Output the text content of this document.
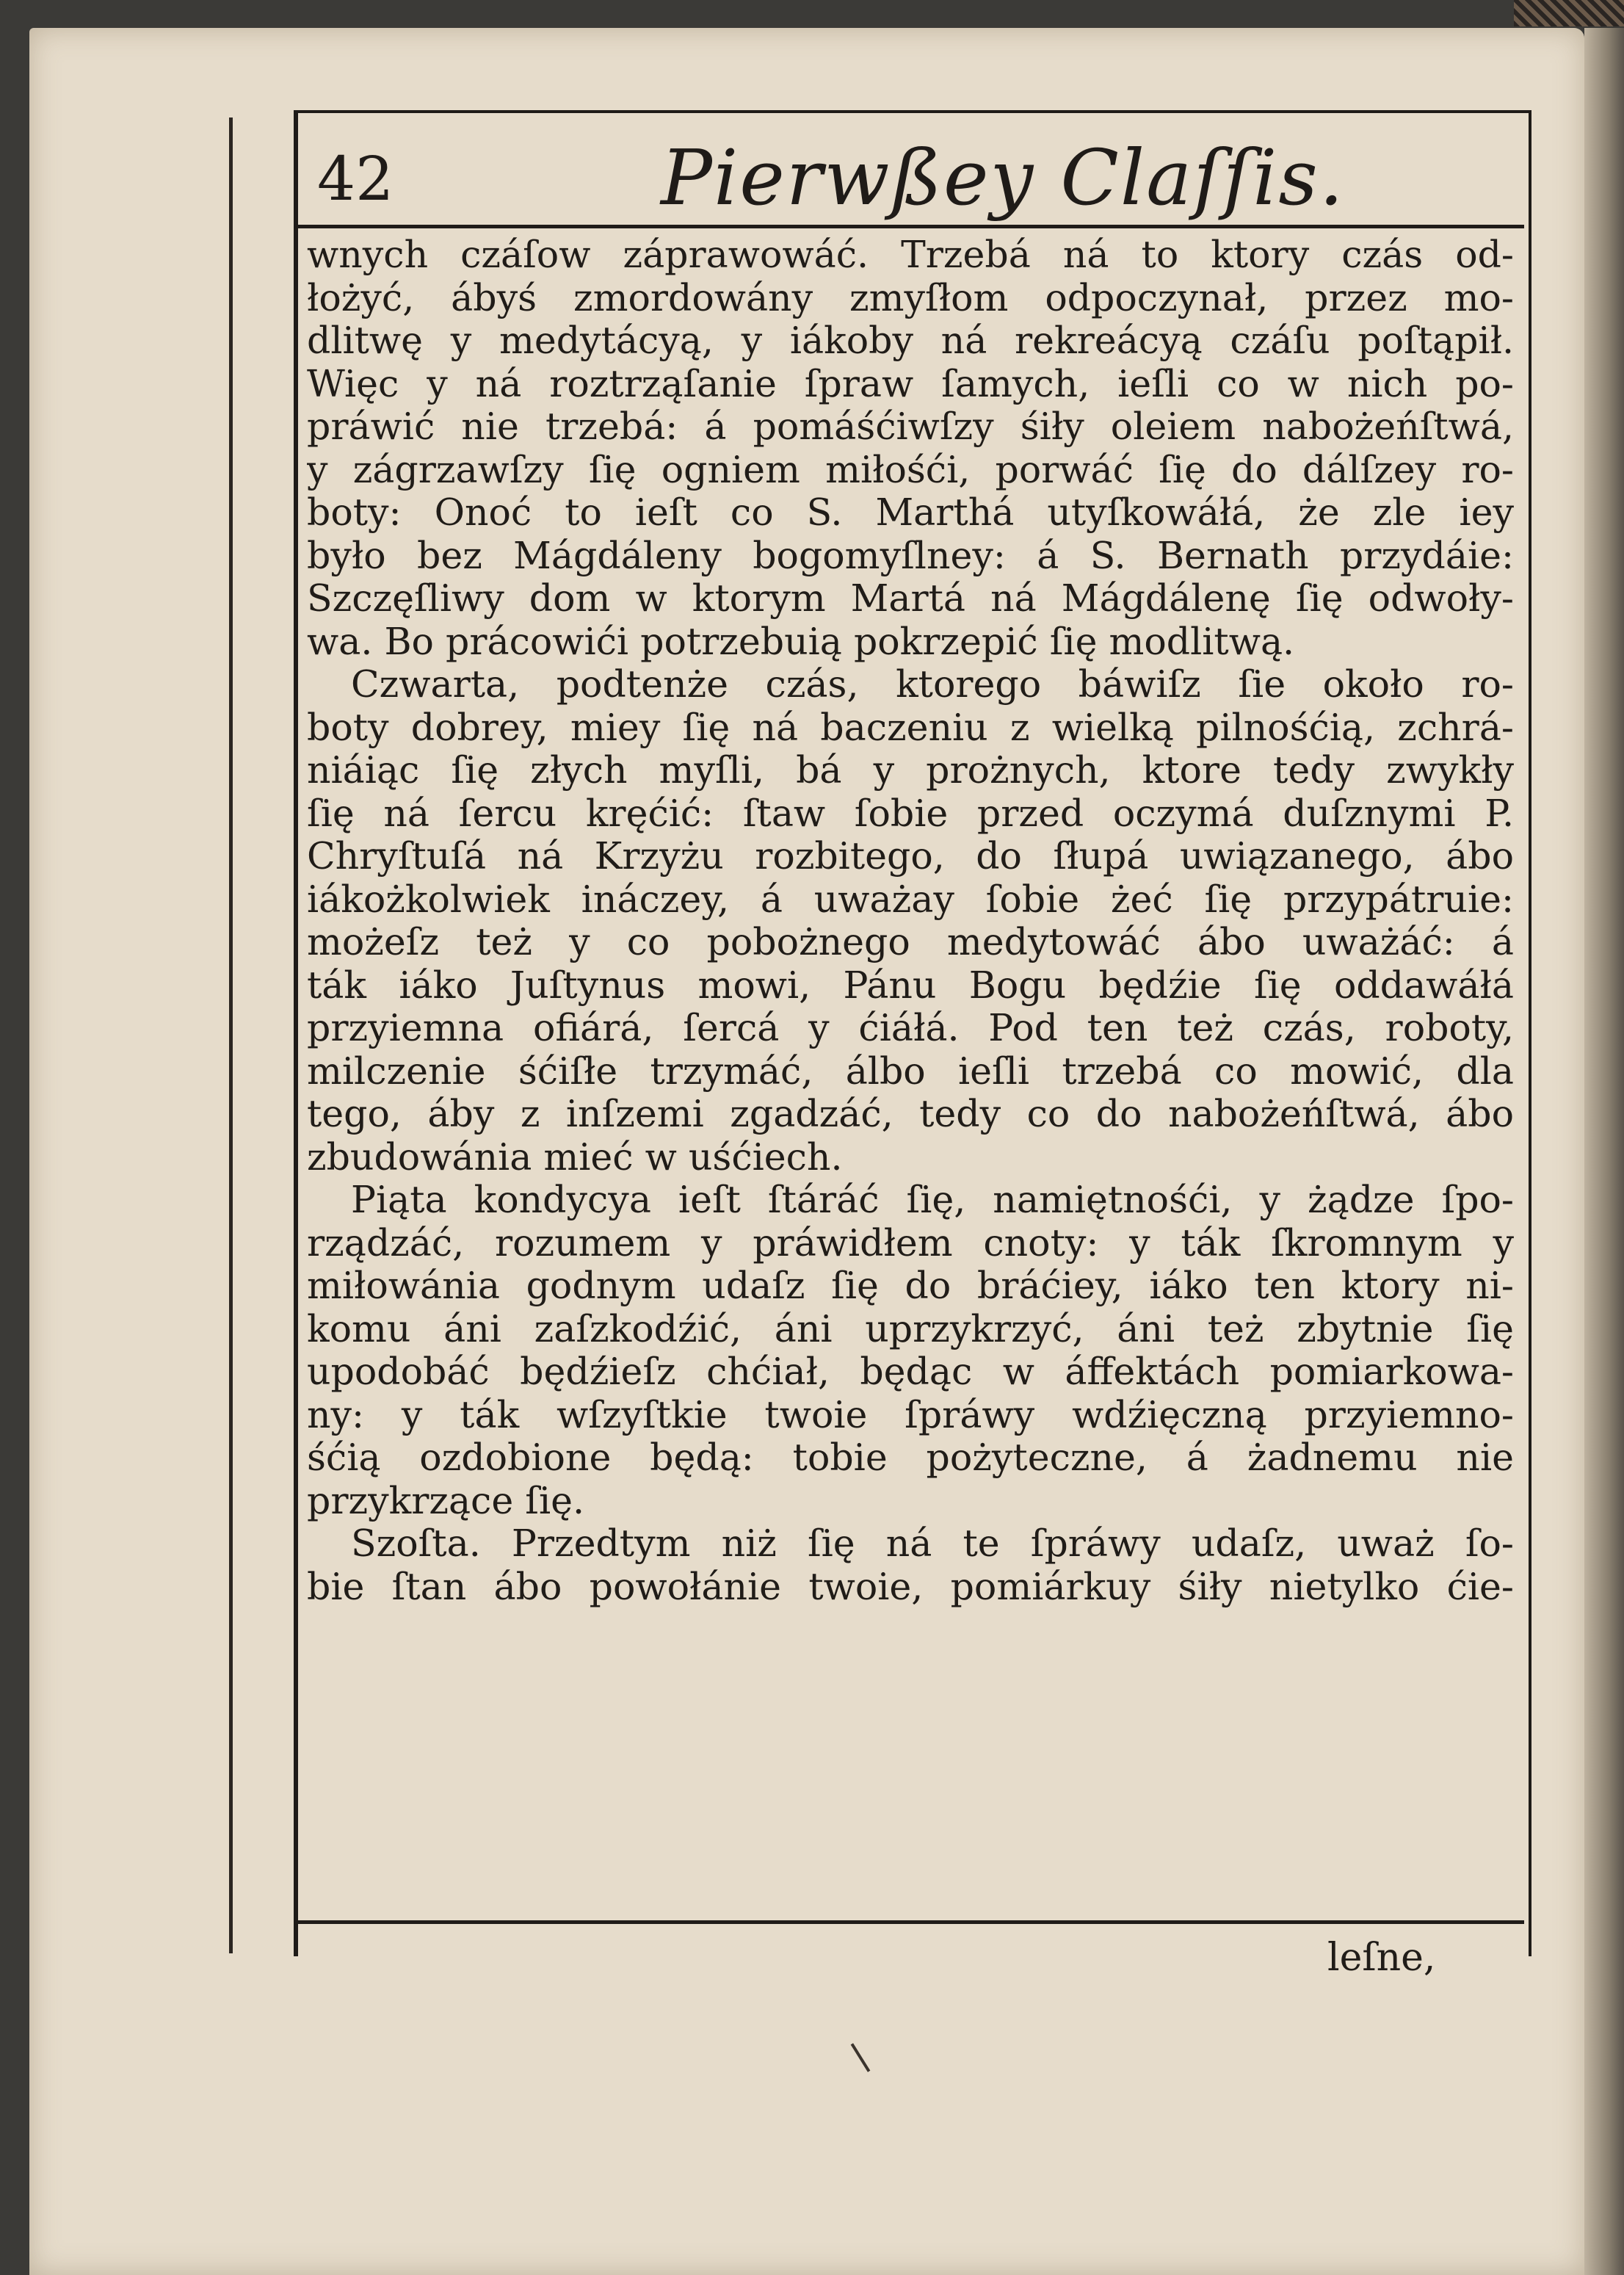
42	Pierwßey Claſſis.
wnych czáſow záprawowáć. Trzebá ná to ktory czás od-
łożyć, ábyś zmordowány zmyſłom odpoczynał, przez mo-
dlitwę y medytácyą, y iákoby ná rekreácyą czáſu poſtąpił.
Więc y ná roztrząſanie ſpraw ſamych, ieſli co w nich po-
práwić nie trzebá: á pomáśćiwſzy śiły oleiem nabożeńſtwá,
y zágrzawſzy ſię ogniem miłośći, porwáć ſię do dálſzey ro-
boty: Onoć to ieſt co S. Marthá utyſkowáłá, że zle iey
było bez Mágdáleny bogomyſlney: á S. Bernath przydáie:
Szczęſliwy dom w ktorym Martá ná Mágdálenę ſię odwoły-
wa. Bo prácowići potrzebuią pokrzepić ſię modlitwą.
Czwarta, podtenże czás, ktorego báwiſz ſie około ro-
boty dobrey, miey ſię ná baczeniu z wielką pilnośćią, zchrá-
niáiąc ſię złych myſli, bá y prożnych, ktore tedy zwykły
ſię ná ſercu kręćić: ſtaw ſobie przed oczymá duſznymi P.
Chryſtuſá ná Krzyżu rozbitego, do ſłupá uwiązanego, ábo
iákożkolwiek ináczey, á uważay ſobie żeć ſię przypátruie:
możeſz też y co pobożnego medytowáć ábo uważáć: á
ták iáko Juſtynus mowi, Pánu Bogu będźie ſię oddawáłá
przyiemna ofiárá, ſercá y ćiáłá. Pod ten też czás, roboty,
milczenie śćiſłe trzymáć, álbo ieſli trzebá co mowić, dla
tego, áby z inſzemi zgadzáć, tedy co do nabożeńſtwá, ábo
zbudowánia mieć w uśćiech.
Piąta kondycya ieſt ſtáráć ſię, namiętnośći, y żądze ſpo-
rządzáć, rozumem y práwidłem cnoty: y ták ſkromnym y
miłowánia godnym udaſz ſię do bráćiey, iáko ten ktory ni-
komu áni zaſzkodźić, áni uprzykrzyć, áni też zbytnie ſię
upodobáć będźieſz chćiał, będąc w áffektách pomiarkowa-
ny: y ták wſzyſtkie twoie ſpráwy wdźięczną przyiemno-
śćią ozdobione będą: tobie pożyteczne, á żadnemu nie
przykrzące ſię.
Szoſta. Przedtym niż ſię ná te ſpráwy udaſz, uważ ſo-
bie ſtan ábo powołánie twoie, pomiárkuy śiły nietylko ćie-
leſne,
